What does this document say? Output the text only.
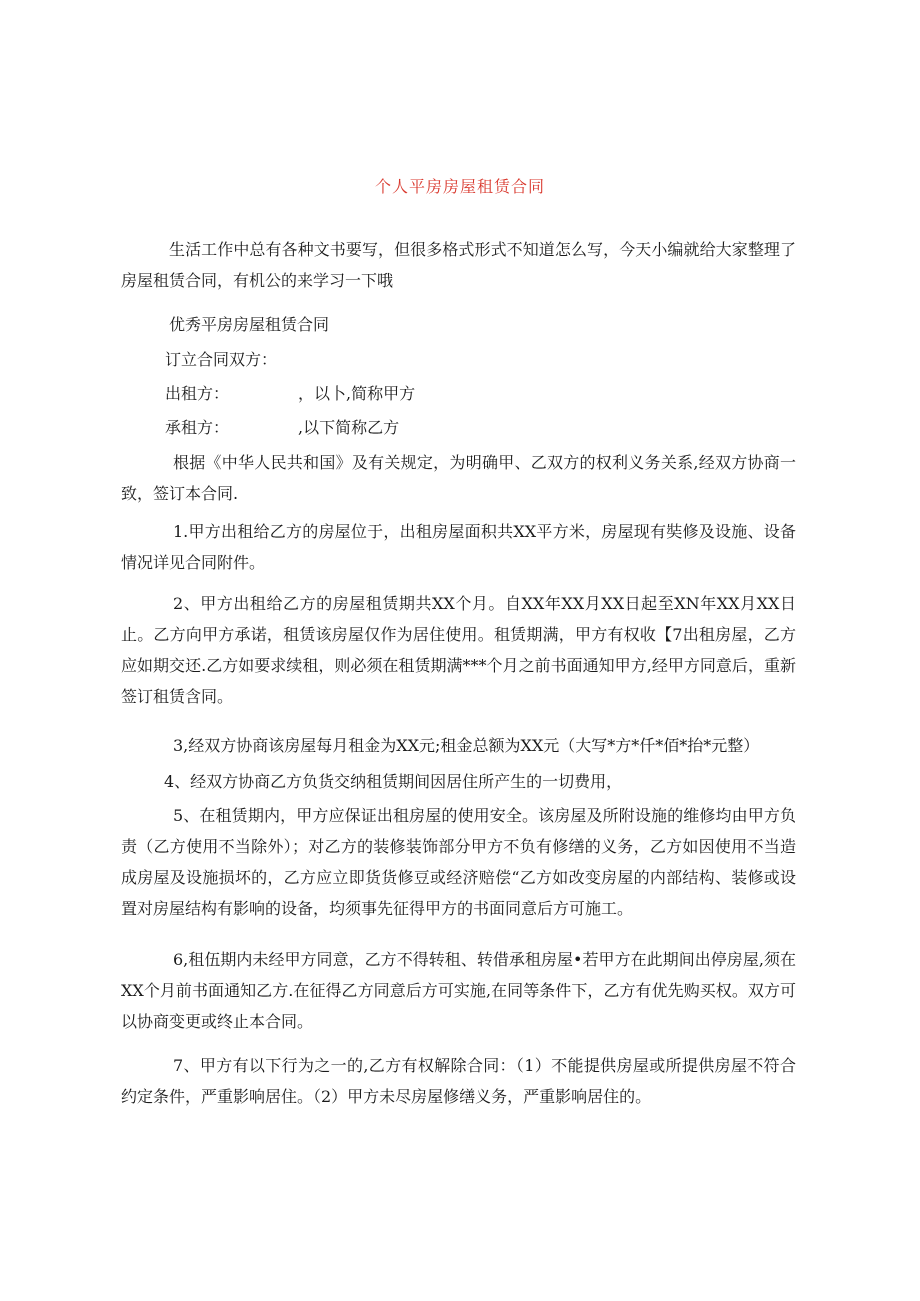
个人平房房屋租赁合同
生活工作中总有各种文书要写，但很多格式形式不知道怎么写，今天小编就给大家整理了房屋租赁合同，有机公的来学习一下哦
优秀平房房屋租赁合同
订立合同双方：
出租方：	，以卜,简称甲方
承租方：	,以下简称乙方
根据《中华人民共和国》及有关规定，为明确甲、乙双方的权利义务关系,经双方协商一致，签订本合同.
1.甲方出租给乙方的房屋位于，出租房屋面积共XX平方米，房屋现有奘修及设施、设备情况详见合同附件。
2、甲方出租给乙方的房屋租赁期共XX个月。自XX年XX月XX日起至XN年XX月XX日止。乙方向甲方承诺，租赁该房屋仅作为居住使用。租赁期满，甲方有权收【7出租房屋，乙方应如期交还.乙方如要求续租，则必须在租赁期满***个月之前书面通知甲方,经甲方同意后，重新签订租赁含同。
3,经双方协商该房屋每月租金为XX元;租金总额为XX元（大写*方*仟*佰*抬*元整）
4、经双方协商乙方负货交纳租赁期间因居住所产生的一切费用，
5、在租赁期内，甲方应保证出租房屋的使用安全。该房屋及所附设施的维修均由甲方负责（乙方使用不当除外）；对乙方的装修装饰部分甲方不负有修缮的义务，乙方如因使用不当造成房屋及设施损坏的，乙方应立即货货修豆或经济赔偿“乙方如改变房屋的内部结构、装修或设置对房屋结构有影响的设备，均须事先征得甲方的书面同意后方可施工。
6,租伍期内未经甲方同意，乙方不得转租、转借承租房屋•若甲方在此期间出停房屋,须在XX个月前书面通知乙方.在征得乙方同意后方可实施,在同等条件下，乙方有优先购买权。双方可以协商变更或终止本合同。
7、甲方有以下行为之一的,乙方有权解除合同：（1）不能提供房屋或所提供房屋不符合约定条件，严重影响居住。（2）甲方未尽房屋修缮义务，严重影响居住的。
